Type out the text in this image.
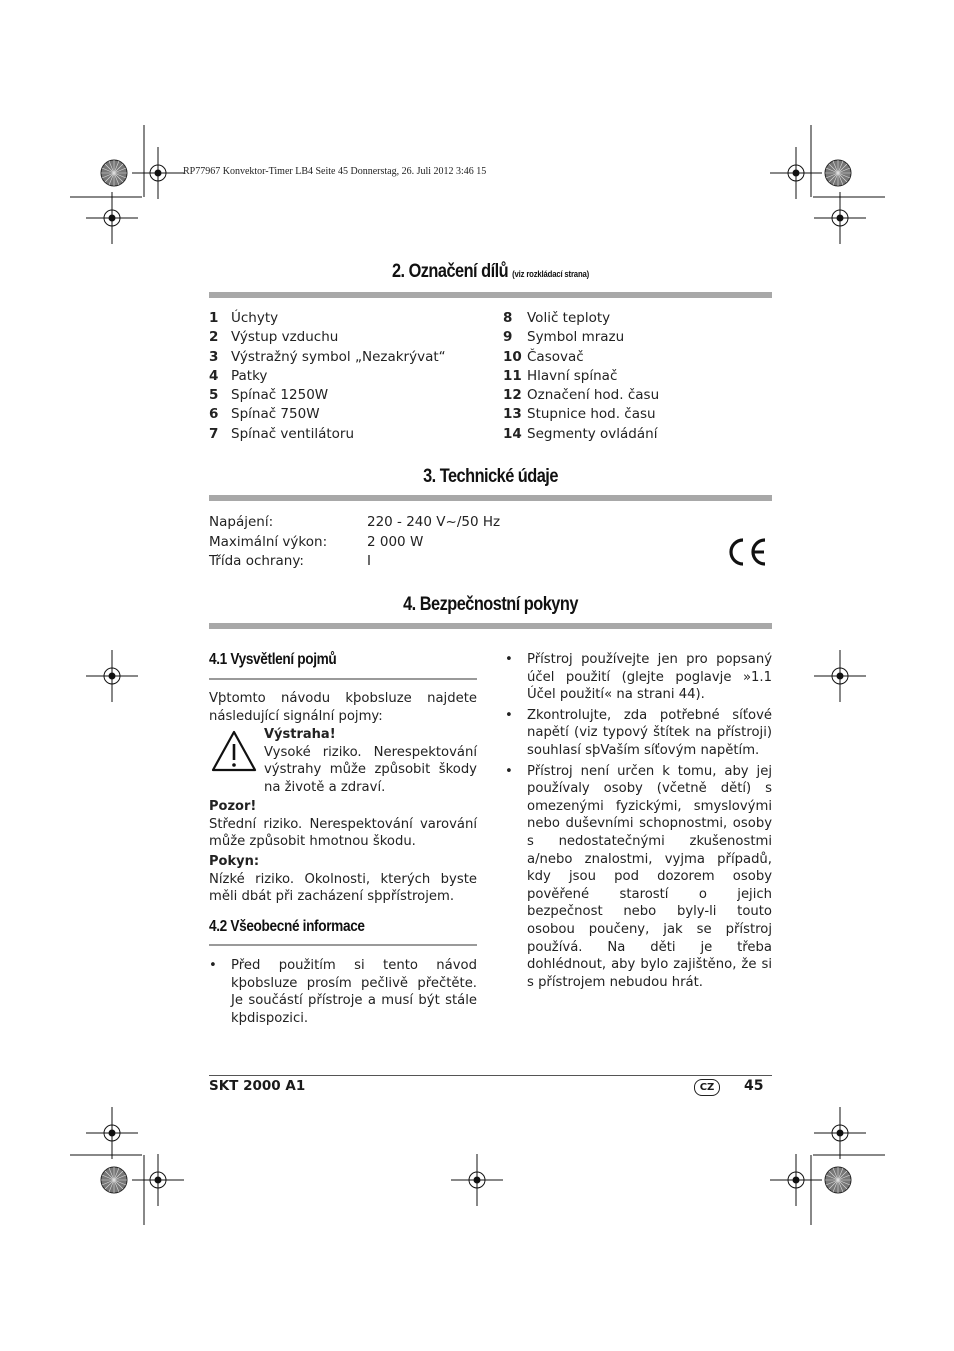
RP77967 Konvektor-Timer LB4 Seite 45 Donnerstag, 26. Juli 2012 3:46 15
2. Označení dílů (viz rozkládací strana)
1 Úchyty
2 Výstup vzduchu
3 Výstražný symbol „Nezakrývat“
4 Patky
5 Spínač 1250W
6 Spínač 750W
7 Spínač ventilátoru
8	Volič teploty
9	Symbol mrazu
10 Časovač
11 Hlavní spínač
12 Označení hod. času
13 Stupnice hod. času
14 Segmenty ovládání
3. Technické údaje
Napájení:	220 - 240 V~/50 Hz
Maximální výkon:	2 000 W
Třída ochrany:	I
4. Bezpečnostní pokyny
4.1 Vysvětlení pojmů

Vþtomto návodu kþobsluze najdete následující signální pojmy:

Výstraha!

Vysoké riziko. Nerespektování výstrahy může způsobit škody na životě a zdraví.

Pozor!

Střední riziko. Nerespektování varování může způsobit hmotnou škodu.

Pokyn:

Nízké riziko. Okolnosti, kterých byste měli dbát při zacházení sþpřístrojem.

4.2 Všeobecné informace
• Před použitím si tento návod kþobsluze prosím pečlivě přečtěte. Je součástí přístroje a musí být stále kþdispozici.
• Přístroj používejte jen pro popsaný účel použití (glejte poglavje »1.1 Účel použití« na strani 44).
• Zkontrolujte, zda potřebné síťové napětí (viz typový štítek na přístroji) souhlasí sþVaším síťovým napětím.
• Přístroj není určen k tomu, aby jej používaly osoby (včetně dětí) s omezenými fyzickými, smyslovými nebo duševními schopnostmi, osoby s nedostatečnými zkušenostmi a/nebo znalostmi, vyjma případů, kdy jsou pod dozorem osoby pověřené starostí o jejich bezpečnost nebo byly-li touto osobou poučeny, jak se přístroj používá. Na děti je třeba dohlédnout, aby bylo zajištěno, že si s přístrojem nebudou hrát.
SKT 2000 A1	CZ	45
